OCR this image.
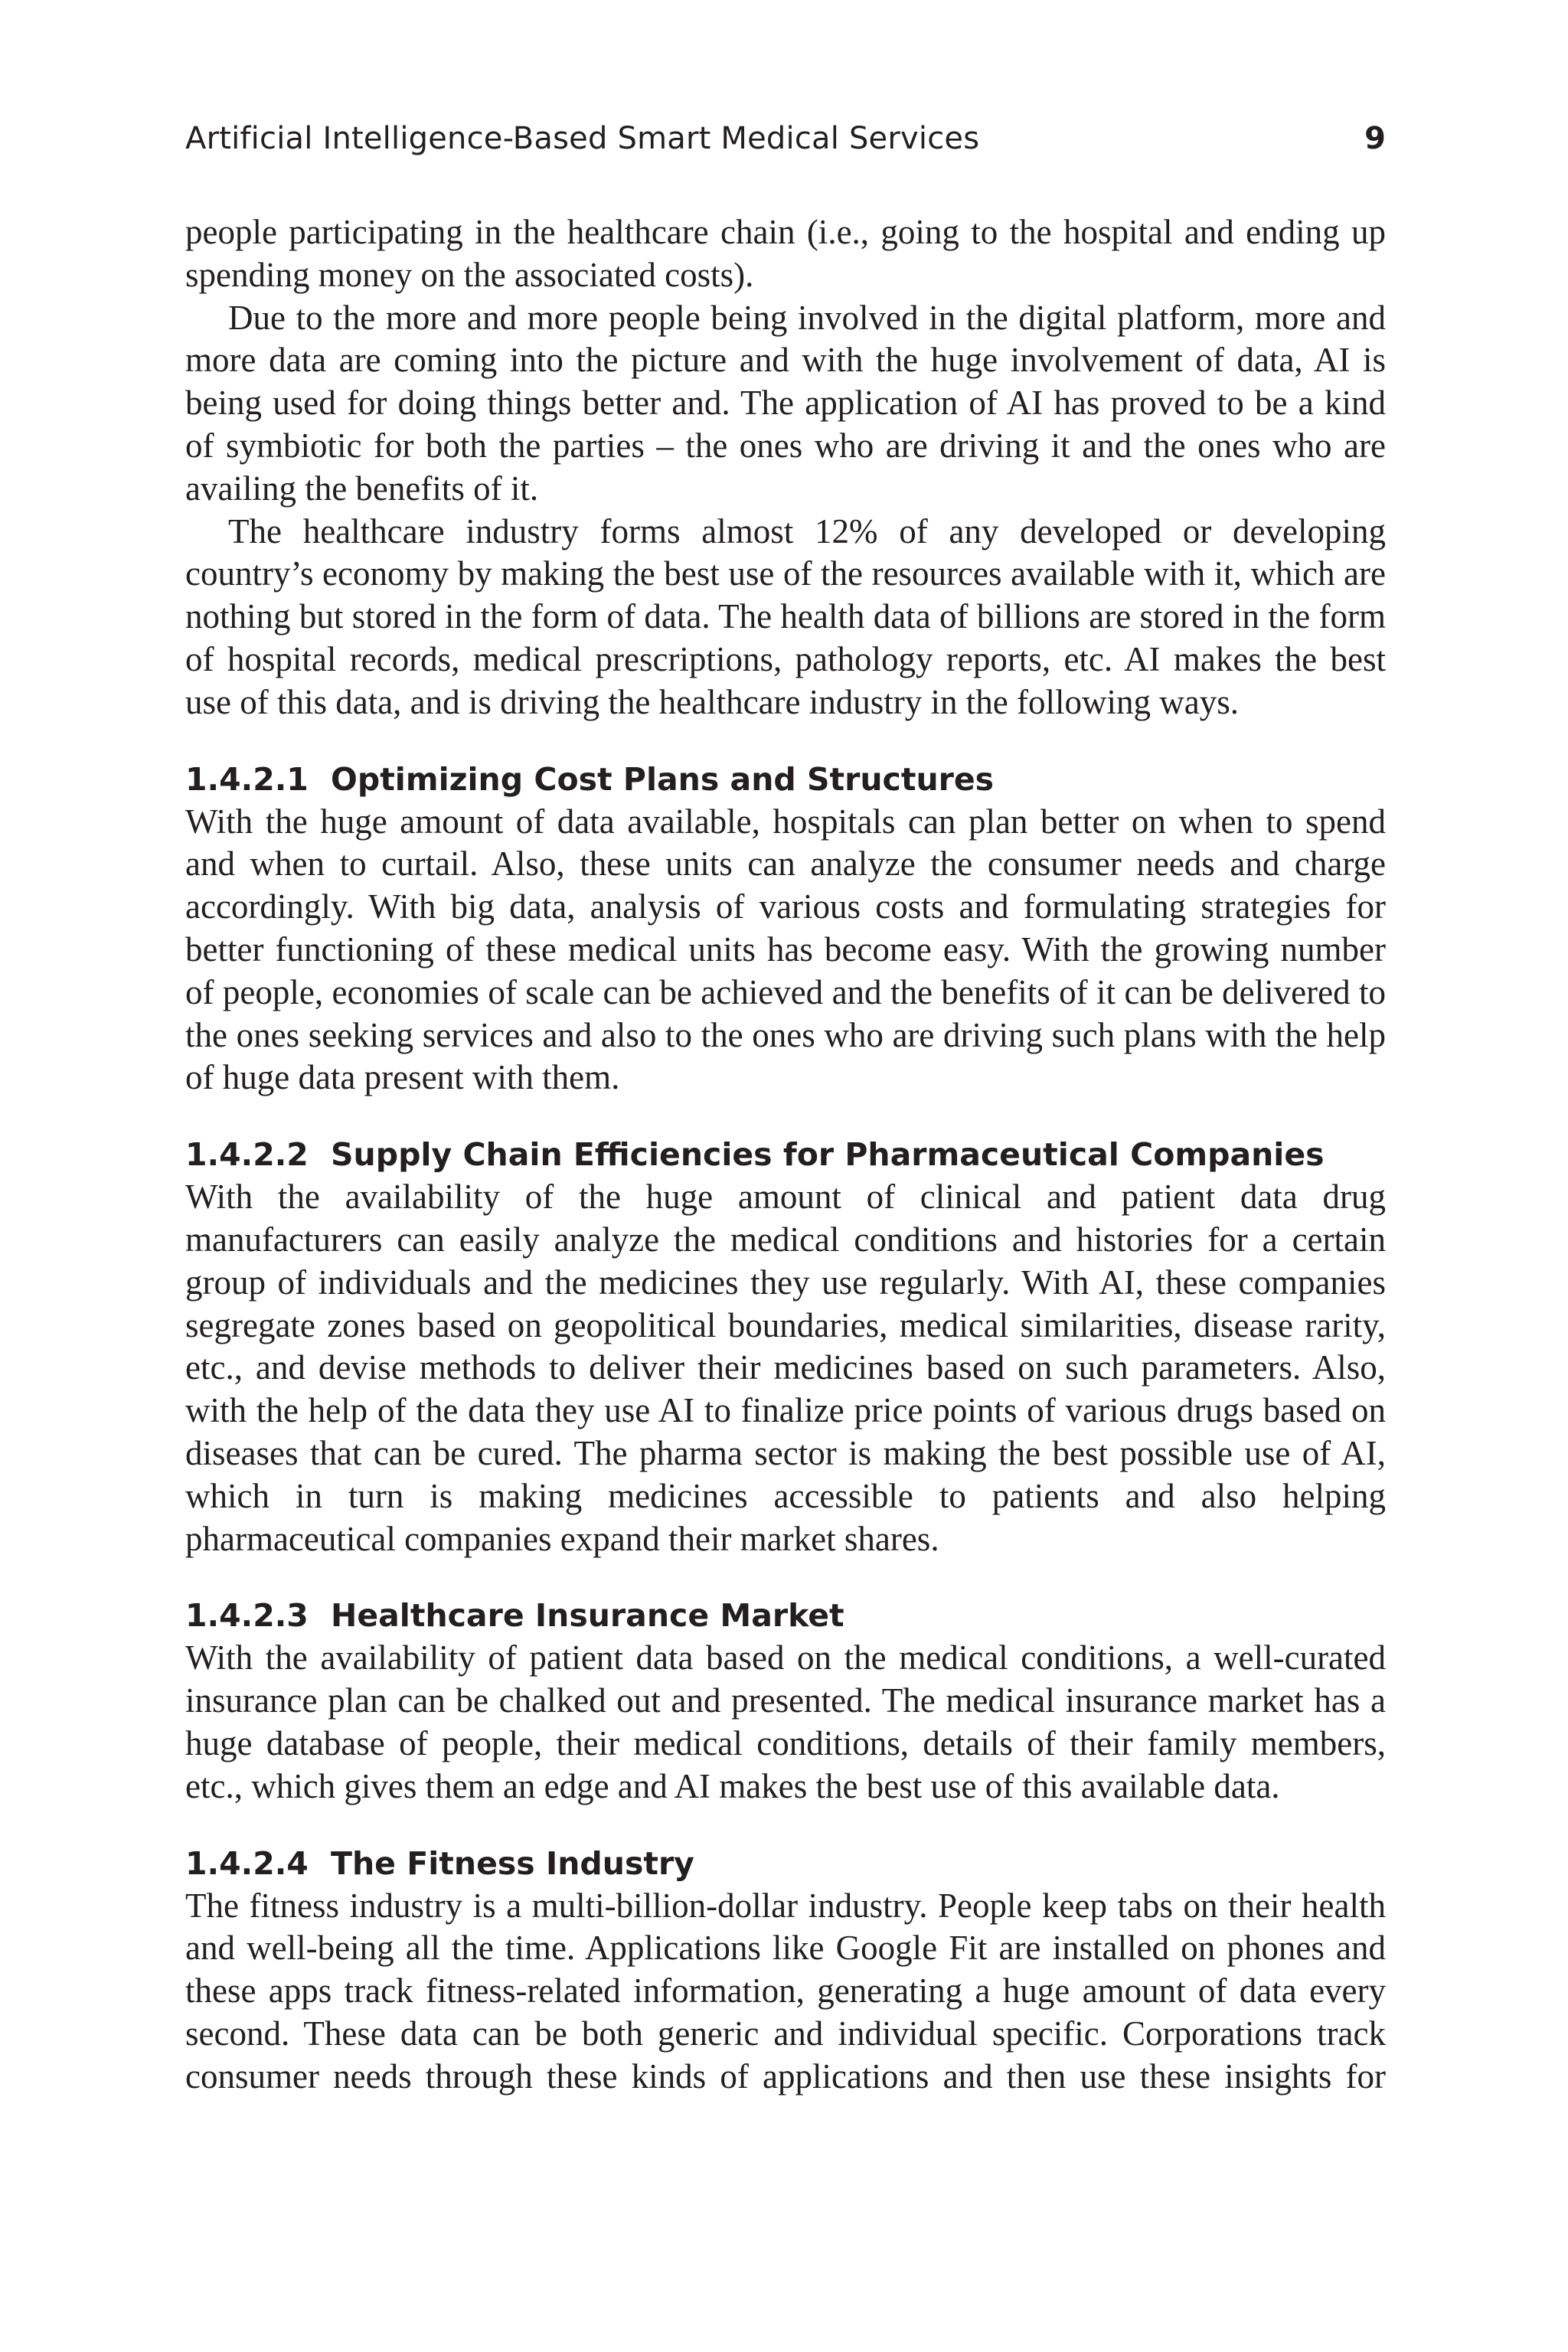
Artificial Intelligence-Based Smart Medical Services	9

people participating in the healthcare chain (i.e., going to the hospital and ending up spending money on the associated costs).

Due to the more and more people being involved in the digital platform, more and more data are coming into the picture and with the huge involvement of data, AI is being used for doing things better and. The application of AI has proved to be a kind of symbiotic for both the parties – the ones who are driving it and the ones who are availing the benefits of it.

The healthcare industry forms almost 12% of any developed or developing country’s economy by making the best use of the resources available with it, which are nothing but stored in the form of data. The health data of billions are stored in the form of hospital records, medical prescriptions, pathology reports, etc. AI makes the best use of this data, and is driving the healthcare industry in the following ways.

1.4.2.1 Optimizing Cost Plans and Structures

With the huge amount of data available, hospitals can plan better on when to spend and when to curtail. Also, these units can analyze the consumer needs and charge accordingly. With big data, analysis of various costs and formulating strategies for better functioning of these medical units has become easy. With the growing number of people, economies of scale can be achieved and the benefits of it can be delivered to the ones seeking services and also to the ones who are driving such plans with the help of huge data present with them.

1.4.2.2 Supply Chain Efficiencies for Pharmaceutical Companies

With the availability of the huge amount of clinical and patient data drug manufacturers can easily analyze the medical conditions and histories for a certain group of individuals and the medicines they use regularly. With AI, these companies segregate zones based on geopolitical boundaries, medical similarities, disease rarity, etc., and devise methods to deliver their medicines based on such parameters. Also, with the help of the data they use AI to finalize price points of various drugs based on diseases that can be cured. The pharma sector is making the best possible use of AI, which in turn is making medicines accessible to patients and also helping pharmaceutical companies expand their market shares.

1.4.2.3 Healthcare Insurance Market

With the availability of patient data based on the medical conditions, a well-curated insurance plan can be chalked out and presented. The medical insurance market has a huge database of people, their medical conditions, details of their family members, etc., which gives them an edge and AI makes the best use of this available data.

1.4.2.4 The Fitness Industry

The fitness industry is a multi-billion-dollar industry. People keep tabs on their health and well-being all the time. Applications like Google Fit are installed on phones and these apps track fitness-related information, generating a huge amount of data every second. These data can be both generic and individual specific. Corporations track consumer needs through these kinds of applications and then use these insights for
